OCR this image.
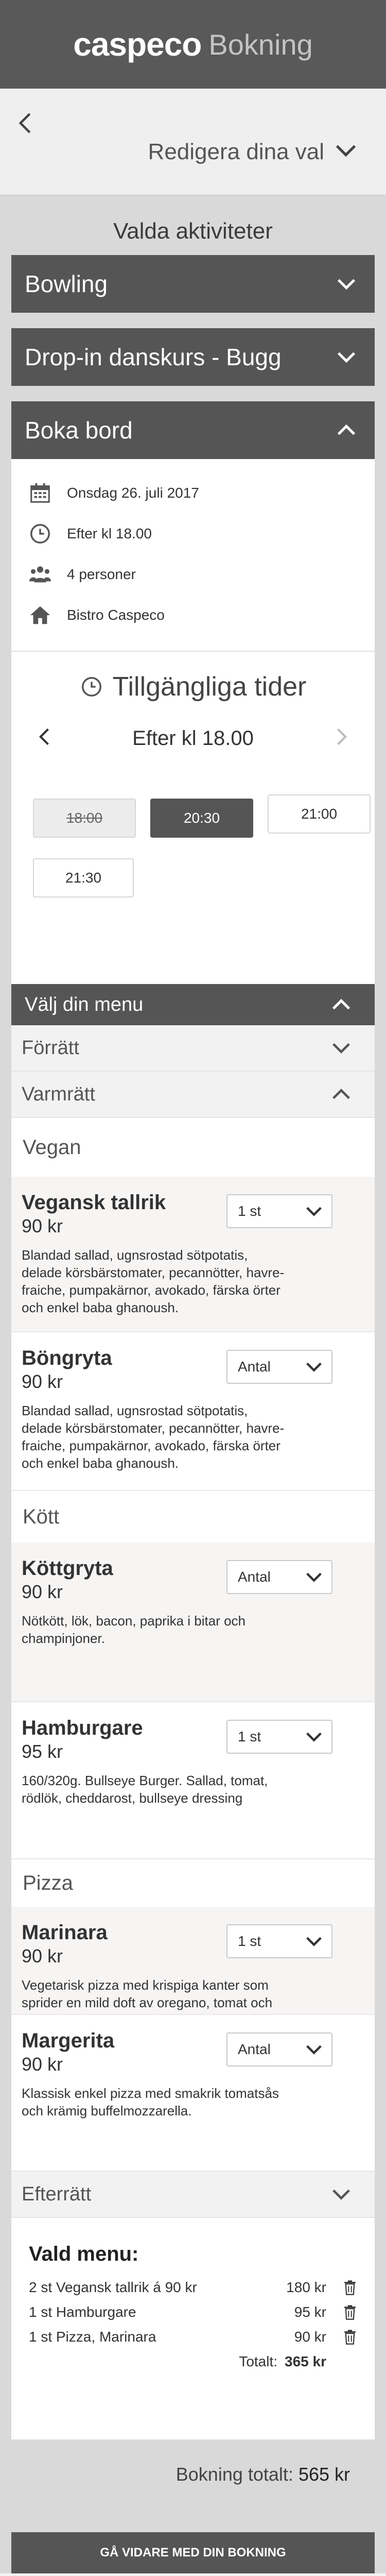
caspeco Bokning
Redigera dina val
Valda aktiviteter
Bowling
Drop-in danskurs - Bugg
Boka bord
Onsdag 26. juli 2017
Efter kl 18.00
4 personer
Bistro Caspeco
Tillgängliga tider
Efter kl 18.00
18:00	20:30	21:00
21:30
Välj din menu
Förrätt
Varmrätt
Vegan
Vegansk tallrik
90 kr
Blandad sallad, ugnsrostad sötpotatis, delade körsbärstomater, pecannötter, havre-fraiche, pumpakärnor, avokado, färska örter och enkel baba ghanoush.
1 st
Böngryta
90 kr
Blandad sallad, ugnsrostad sötpotatis, delade körsbärstomater, pecannötter, havre-fraiche, pumpakärnor, avokado, färska örter och enkel baba ghanoush.
Antal
Kött
Köttgryta
90 kr
Nötkött, lök, bacon, paprika i bitar och champinjoner.
Antal
Hamburgare
95 kr
160/320g. Bullseye Burger. Sallad, tomat, rödlök, cheddarost, bullseye dressing
1 st
Pizza
Marinara
90 kr
Vegetarisk pizza med krispiga kanter som sprider en mild doft av oregano, tomat och
1 st
Margerita
90 kr
Klassisk enkel pizza med smakrik tomatsås och krämig buffelmozzarella.
Antal
Efterrätt
Vald menu:
2 st Vegansk tallrik á 90 kr	180 kr
1 st Hamburgare	95 kr
1 st Pizza, Marinara	90 kr
Totalt: 365 kr
Bokning totalt: 565 kr
GÅ VIDARE MED DIN BOKNING
